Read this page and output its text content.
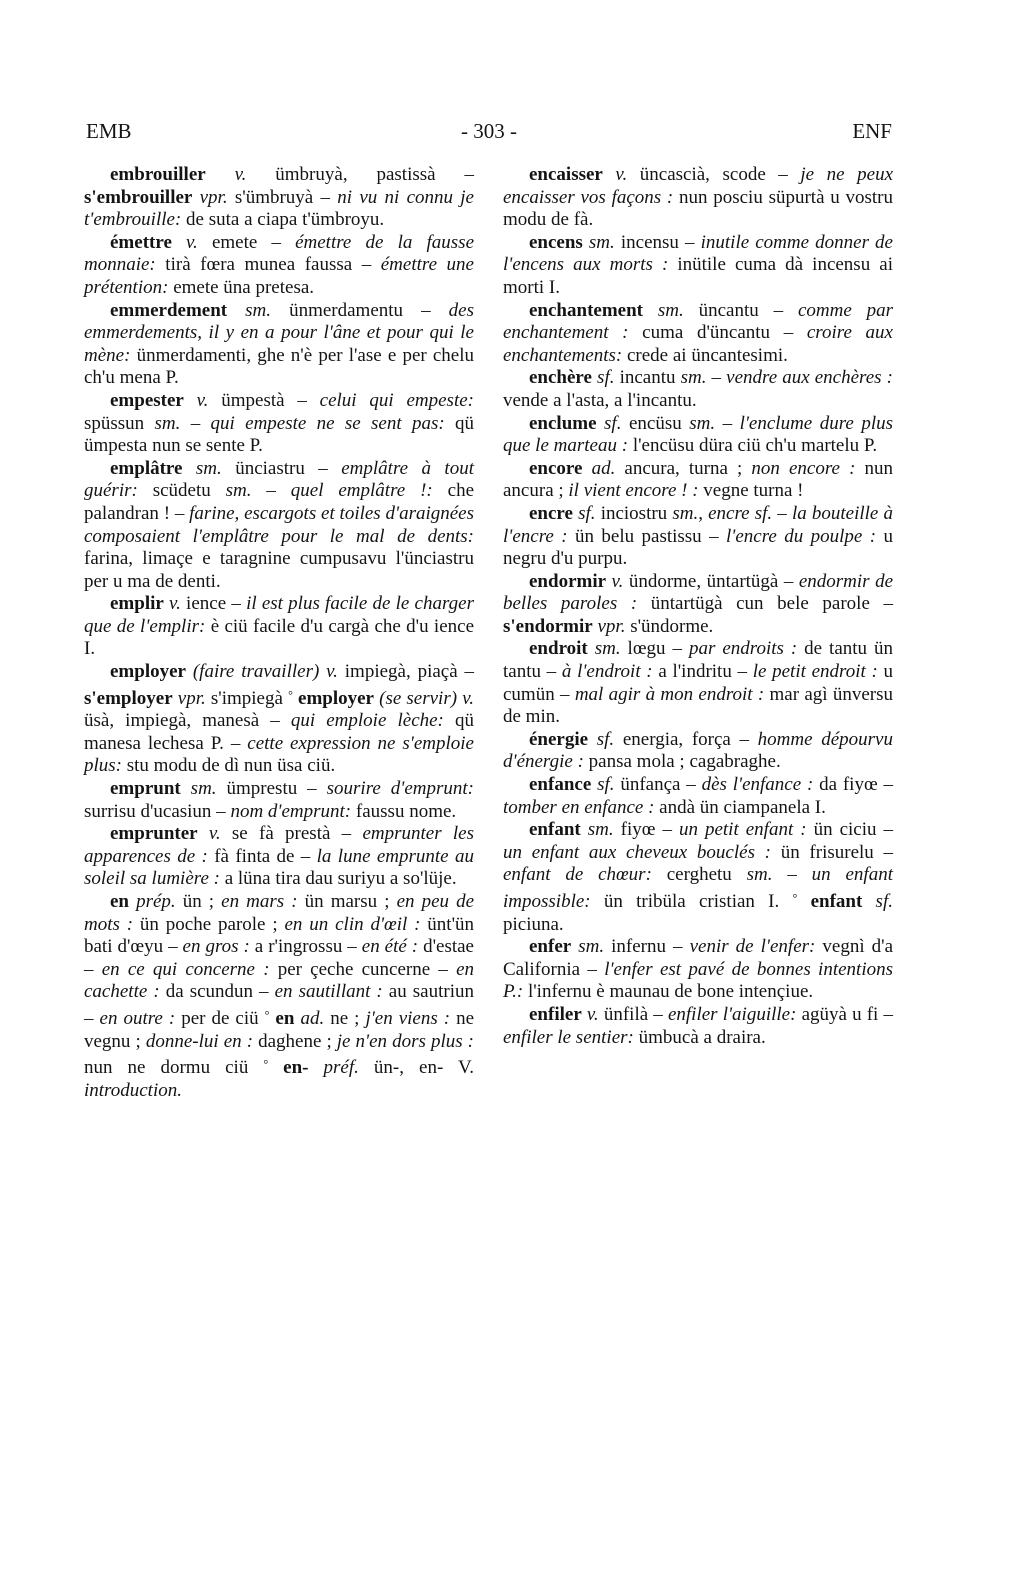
EMB	- 303 -	ENF

embrouiller v. ümbruyà, pastissà – s'embrouiller vpr. s'ümbruyà – ni vu ni connu je t'embrouille: de suta a ciapa t'ümbroyu.

émettre v. emete – émettre de la fausse monnaie: tirà fœra munea faussa – émettre une prétention: emete üna pretesa.

emmerdement sm. ünmerdamentu – des emmerdements, il y en a pour l'âne et pour qui le mène: ünmerdamenti, ghe n'è per l'ase e per chelu ch'u mena P.

empester v. ümpestà – celui qui empeste: spüssun sm. – qui empeste ne se sent pas: qü ümpesta nun se sente P.

emplâtre sm. ünciastru – emplâtre à tout guérir: scüdetu sm. – quel emplâtre !: che palandran ! – farine, escargots et toiles d'araignées composaient l'emplâtre pour le mal de dents: farina, limaçe e taragnine cumpusavu l'ünciastru per u ma de denti.

emplir v. ience – il est plus facile de le charger que de l'emplir: è ciü facile d'u cargà che d'u ience I.

employer (faire travailler) v. impiegà, piaçà – s'employer vpr. s'impiegà ° employer (se servir) v. üsà, impiegà, manesà – qui emploie lèche: qü manesa lechesa P. – cette expression ne s'emploie plus: stu modu de dì nun üsa ciü.

emprunt sm. ümprestu – sourire d'emprunt: surrisu d'ucasiun – nom d'emprunt: faussu nome.

emprunter v. se fà prestà – emprunter les apparences de : fà finta de – la lune emprunte au soleil sa lumière : a lüna tira dau suriyu a so'lüje.

en prép. ün ; en mars : ün marsu ; en peu de mots : ün poche parole ; en un clin d'œil : ünt'ün bati d'œyu – en gros : a r'ingrossu – en été : d'estae – en ce qui concerne : per çeche cuncerne – en cachette : da scundun – en sautillant : au sautriun – en outre : per de ciü ° en ad. ne ; j'en viens : ne vegnu ; donne-lui en : daghene ; je n'en dors plus : nun ne dormu ciü ° en- préf. ün-, en- V. introduction.

encaisser v. üncascià, scode – je ne peux encaisser vos façons : nun posciu süpurtà u vostru modu de fà.

encens sm. incensu – inutile comme donner de l'encens aux morts : inütile cuma dà incensu ai morti I.

enchantement sm. üncantu – comme par enchantement : cuma d'üncantu – croire aux enchantements: crede ai üncantesimi.

enchère sf. incantu sm. – vendre aux enchères : vende a l'asta, a l'incantu.

enclume sf. encüsu sm. – l'enclume dure plus que le marteau : l'encüsu düra ciü ch'u martelu P.

encore ad. ancura, turna ; non encore : nun ancura ; il vient encore ! : vegne turna !

encre sf. inciostru sm., encre sf. – la bouteille à l'encre : ün belu pastissu – l'encre du poulpe : u negru d'u purpu.

endormir v. ündorme, üntartügà – endormir de belles paroles : üntartügà cun bele parole – s'endormir vpr. s'ündorme.

endroit sm. lœgu – par endroits : de tantu ün tantu – à l'endroit : a l'indritu – le petit endroit : u cumün – mal agir à mon endroit : mar agì ünversu de min.

énergie sf. energia, força – homme dépourvu d'énergie : pansa mola ; cagabraghe.

enfance sf. ünfança – dès l'enfance : da fiyœ – tomber en enfance : andà ün ciampanela I.

enfant sm. fiyœ – un petit enfant : ün ciciu – un enfant aux cheveux bouclés : ün frisurelu – enfant de chœur: cerghetu sm. – un enfant impossible: ün tribüla cristian I. ° enfant sf. piciuna.

enfer sm. infernu – venir de l'enfer: vegnì d'a California – l'enfer est pavé de bonnes intentions P.: l'infernu è maunau de bone intençiue.

enfiler v. ünfilà – enfiler l'aiguille: agüyà u fi – enfiler le sentier: ümbucà a draira.
